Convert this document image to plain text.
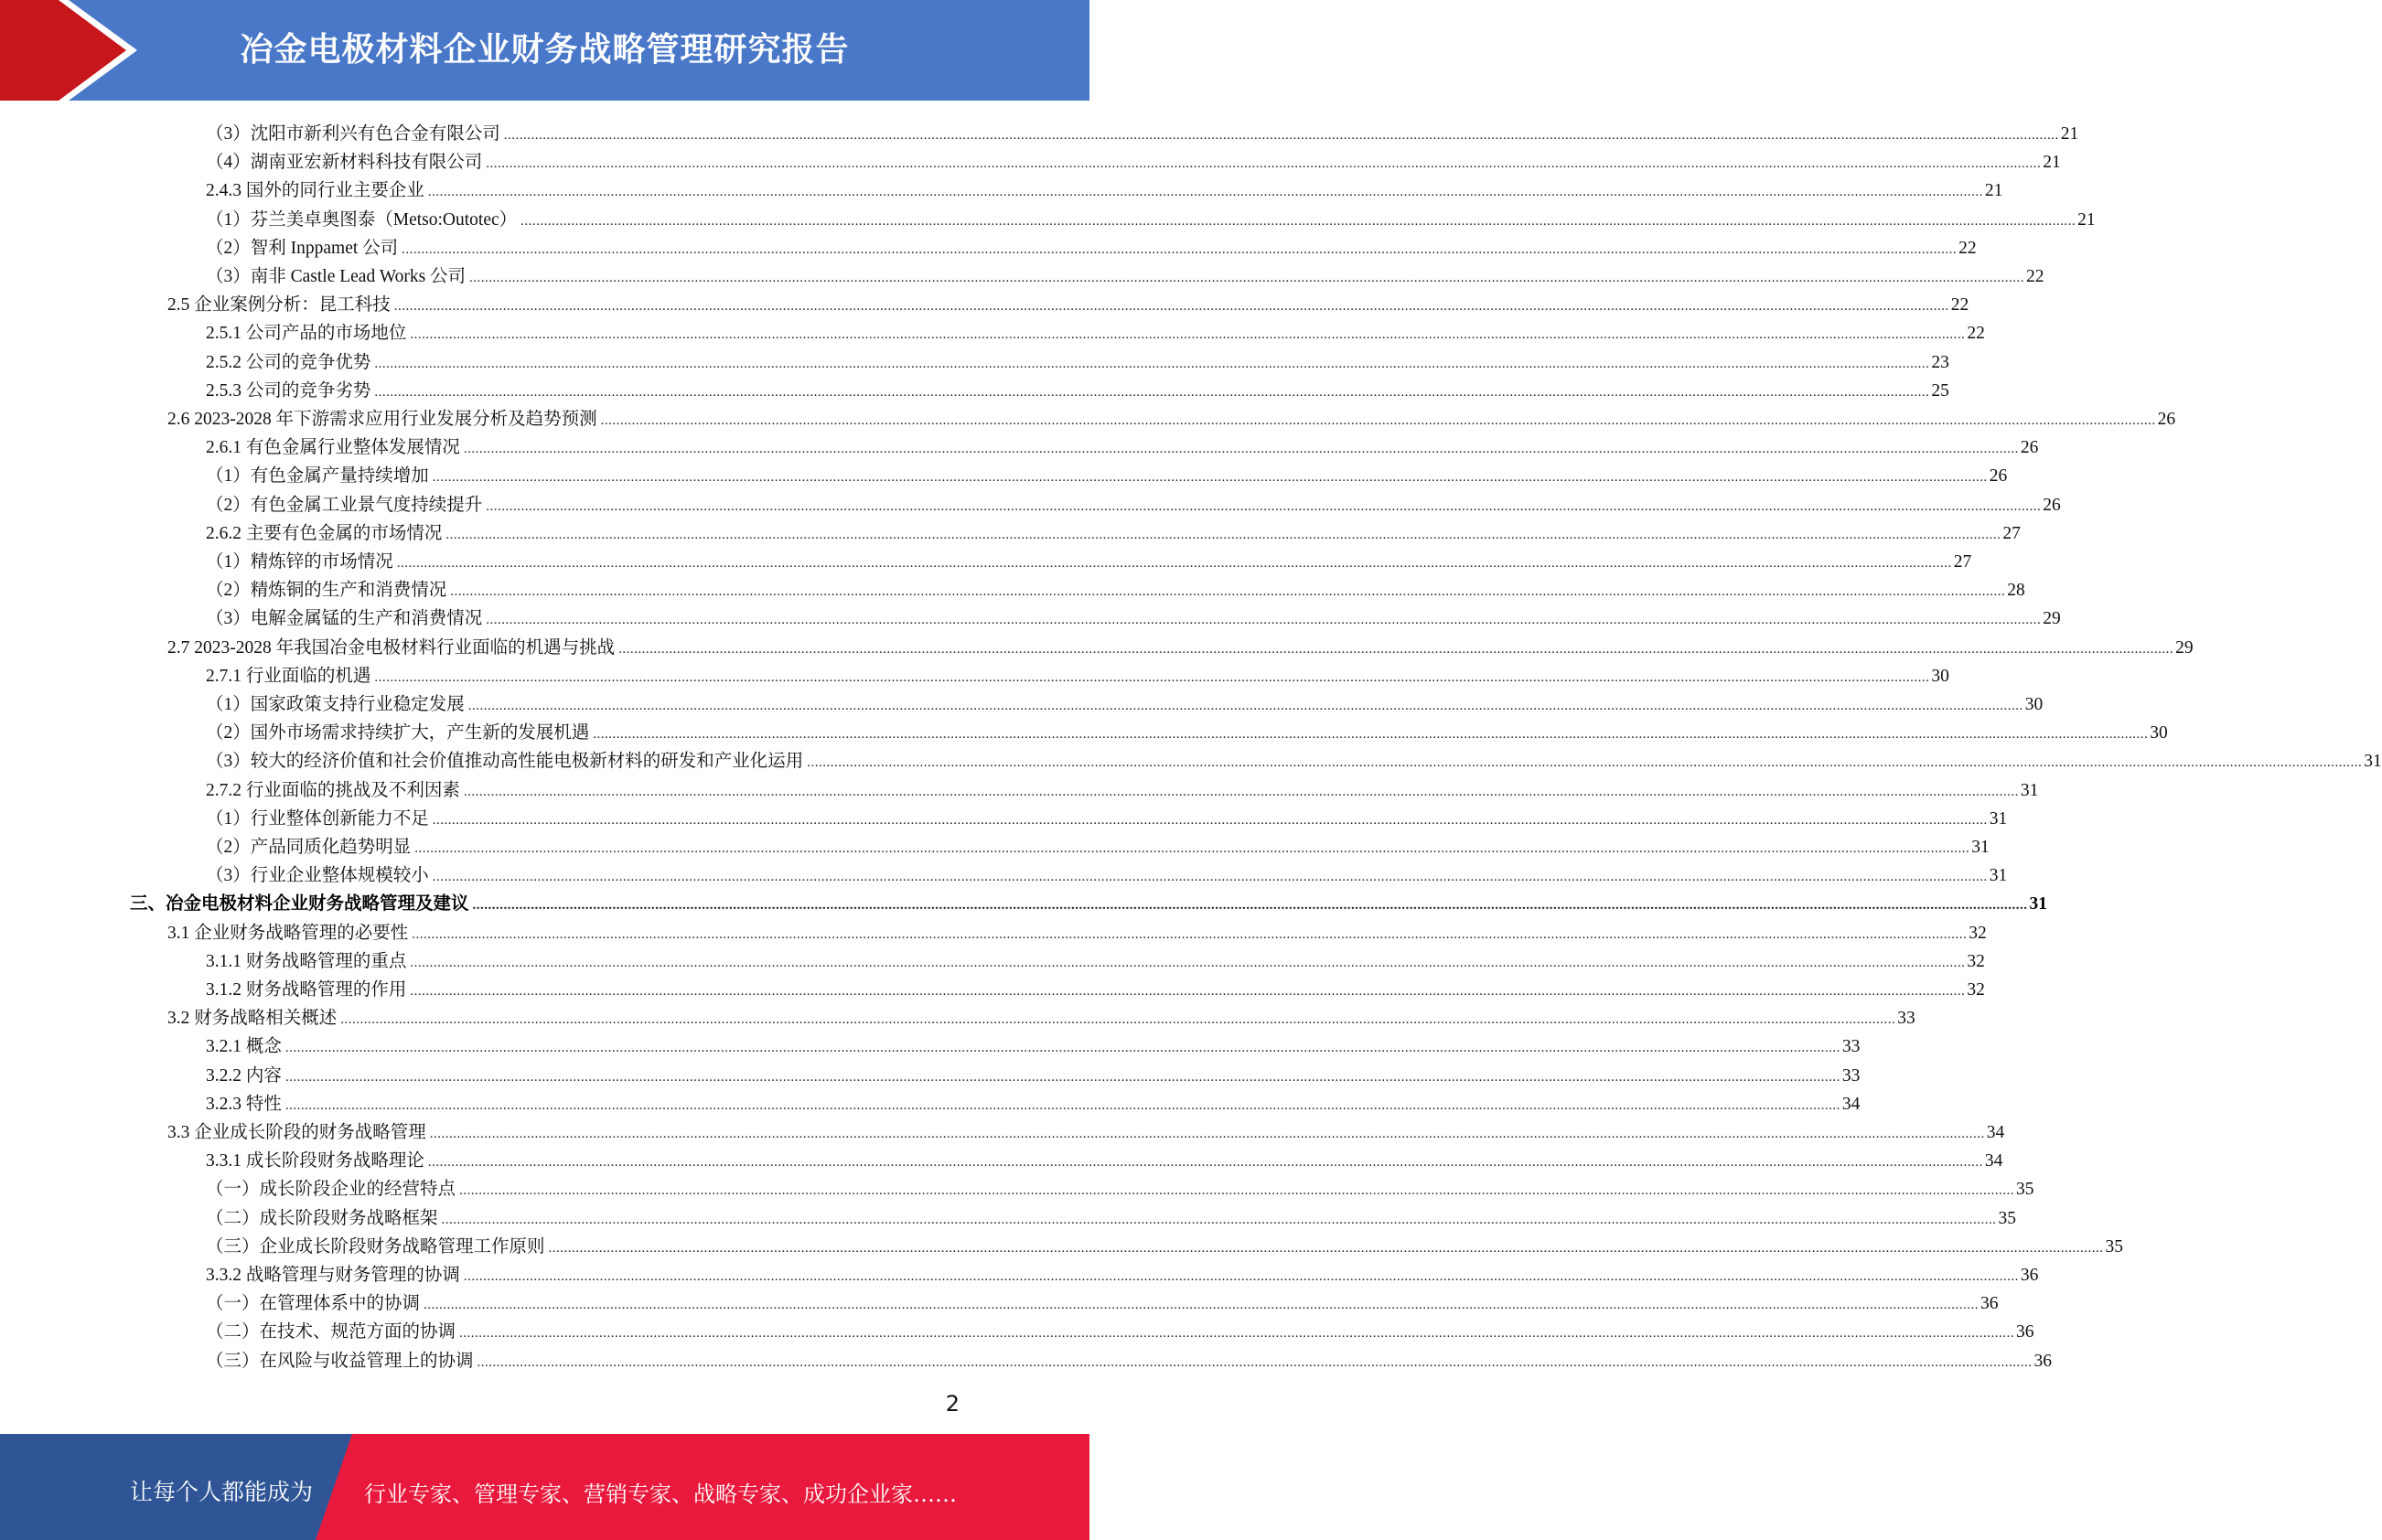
冶金电极材料企业财务战略管理研究报告
（3）沈阳市新利兴有色合金有限公司 ................................................................................................................................................................................................................................................................................................................................................................................................................ 21
（4）湖南亚宏新材料科技有限公司 ................................................................................................................................................................................................................................................................................................................................................................................................................ 21
2.4.3 国外的同行业主要企业 ................................................................................................................................................................................................................................................................................................................................................................................................................ 21
（1）芬兰美卓奥图泰（Metso:Outotec） ................................................................................................................................................................................................................................................................................................................................................................................................................ 21
（2）智利 Inppamet 公司 ................................................................................................................................................................................................................................................................................................................................................................................................................ 22
（3）南非 Castle Lead Works 公司 ................................................................................................................................................................................................................................................................................................................................................................................................................ 22
2.5 企业案例分析：昆工科技 ................................................................................................................................................................................................................................................................................................................................................................................................................ 22
2.5.1 公司产品的市场地位 ................................................................................................................................................................................................................................................................................................................................................................................................................ 22
2.5.2 公司的竞争优势 ................................................................................................................................................................................................................................................................................................................................................................................................................ 23
2.5.3 公司的竞争劣势 ................................................................................................................................................................................................................................................................................................................................................................................................................ 25
2.6 2023-2028 年下游需求应用行业发展分析及趋势预测 ................................................................................................................................................................................................................................................................................................................................................................................................................ 26
2.6.1 有色金属行业整体发展情况 ................................................................................................................................................................................................................................................................................................................................................................................................................ 26
（1）有色金属产量持续增加 ................................................................................................................................................................................................................................................................................................................................................................................................................ 26
（2）有色金属工业景气度持续提升 ................................................................................................................................................................................................................................................................................................................................................................................................................ 26
2.6.2 主要有色金属的市场情况 ................................................................................................................................................................................................................................................................................................................................................................................................................ 27
（1）精炼锌的市场情况 ................................................................................................................................................................................................................................................................................................................................................................................................................ 27
（2）精炼铜的生产和消费情况 ................................................................................................................................................................................................................................................................................................................................................................................................................ 28
（3）电解金属锰的生产和消费情况 ................................................................................................................................................................................................................................................................................................................................................................................................................ 29
2.7 2023-2028 年我国冶金电极材料行业面临的机遇与挑战 ................................................................................................................................................................................................................................................................................................................................................................................................................ 29
2.7.1 行业面临的机遇 ................................................................................................................................................................................................................................................................................................................................................................................................................ 30
（1）国家政策支持行业稳定发展 ................................................................................................................................................................................................................................................................................................................................................................................................................ 30
（2）国外市场需求持续扩大，产生新的发展机遇 ................................................................................................................................................................................................................................................................................................................................................................................................................ 30
（3）较大的经济价值和社会价值推动高性能电极新材料的研发和产业化运用 ................................................................................................................................................................................................................................................................................................................................................................................................................ 31
2.7.2 行业面临的挑战及不利因素 ................................................................................................................................................................................................................................................................................................................................................................................................................ 31
（1）行业整体创新能力不足 ................................................................................................................................................................................................................................................................................................................................................................................................................ 31
（2）产品同质化趋势明显 ................................................................................................................................................................................................................................................................................................................................................................................................................ 31
（3）行业企业整体规模较小 ................................................................................................................................................................................................................................................................................................................................................................................................................ 31
三、冶金电极材料企业财务战略管理及建议 ................................................................................................................................................................................................................................................................................................................................................................................................................ 31
3.1 企业财务战略管理的必要性 ................................................................................................................................................................................................................................................................................................................................................................................................................ 32
3.1.1 财务战略管理的重点 ................................................................................................................................................................................................................................................................................................................................................................................................................ 32
3.1.2 财务战略管理的作用 ................................................................................................................................................................................................................................................................................................................................................................................................................ 32
3.2 财务战略相关概述 ................................................................................................................................................................................................................................................................................................................................................................................................................ 33
3.2.1 概念 ................................................................................................................................................................................................................................................................................................................................................................................................................ 33
3.2.2 内容 ................................................................................................................................................................................................................................................................................................................................................................................................................ 33
3.2.3 特性 ................................................................................................................................................................................................................................................................................................................................................................................................................ 34
3.3 企业成长阶段的财务战略管理 ................................................................................................................................................................................................................................................................................................................................................................................................................ 34
3.3.1 成长阶段财务战略理论 ................................................................................................................................................................................................................................................................................................................................................................................................................ 34
（一）成长阶段企业的经营特点 ................................................................................................................................................................................................................................................................................................................................................................................................................ 35
（二）成长阶段财务战略框架 ................................................................................................................................................................................................................................................................................................................................................................................................................ 35
（三）企业成长阶段财务战略管理工作原则 ................................................................................................................................................................................................................................................................................................................................................................................................................ 35
3.3.2 战略管理与财务管理的协调 ................................................................................................................................................................................................................................................................................................................................................................................................................ 36
（一）在管理体系中的协调 ................................................................................................................................................................................................................................................................................................................................................................................................................ 36
（二）在技术、规范方面的协调 ................................................................................................................................................................................................................................................................................................................................................................................................................ 36
（三）在风险与收益管理上的协调 ................................................................................................................................................................................................................................................................................................................................................................................................................ 36
2
让每个人都能成为 行业专家、管理专家、营销专家、战略专家、成功企业家……
